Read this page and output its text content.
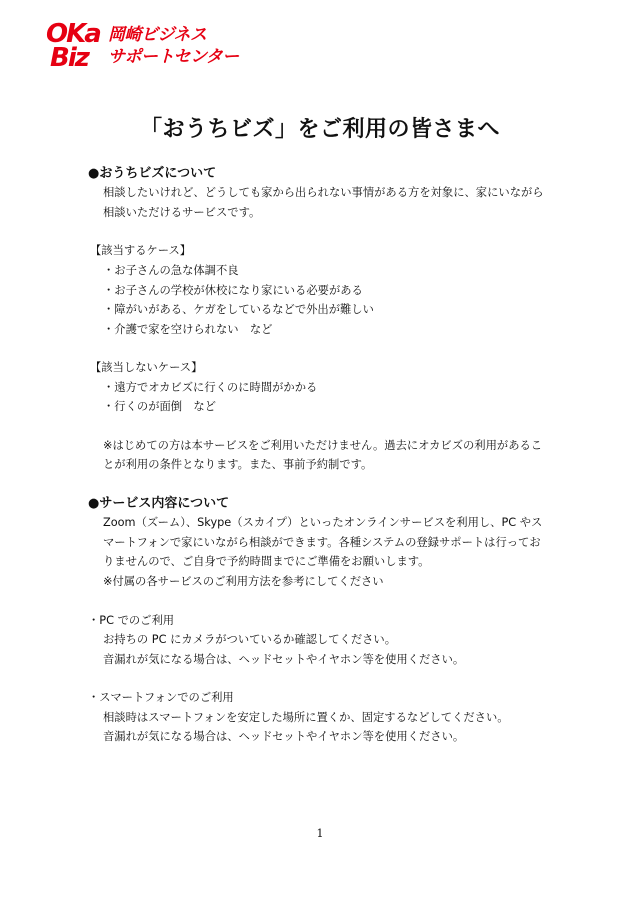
OKa
Biz
岡崎ビジネス
サポートセンター
「おうちビズ」をご利用の皆さまへ
●おうちビズについて
相談したいけれど、どうしても家から出られない事情がある方を対象に、家にいながら
相談いただけるサービスです。
【該当するケース】
・お子さんの急な体調不良
・お子さんの学校が休校になり家にいる必要がある
・障がいがある、ケガをしているなどで外出が難しい
・介護で家を空けられない　など
【該当しないケース】
・遠方でオカビズに行くのに時間がかかる
・行くのが面倒　など
※はじめての方は本サービスをご利用いただけません。過去にオカビズの利用があるこ
とが利用の条件となります。また、事前予約制です。
●サービス内容について
Zoom（ズーム）、Skype（スカイプ）といったオンラインサービスを利用し、PC やス
マートフォンで家にいながら相談ができます。各種システムの登録サポートは行ってお
りませんので、ご自身で予約時間までにご準備をお願いします。
※付属の各サービスのご利用方法を参考にしてください
・PC でのご利用
お持ちの PC にカメラがついているか確認してください。
音漏れが気になる場合は、ヘッドセットやイヤホン等を使用ください。
・スマートフォンでのご利用
相談時はスマートフォンを安定した場所に置くか、固定するなどしてください。
音漏れが気になる場合は、ヘッドセットやイヤホン等を使用ください。
1
